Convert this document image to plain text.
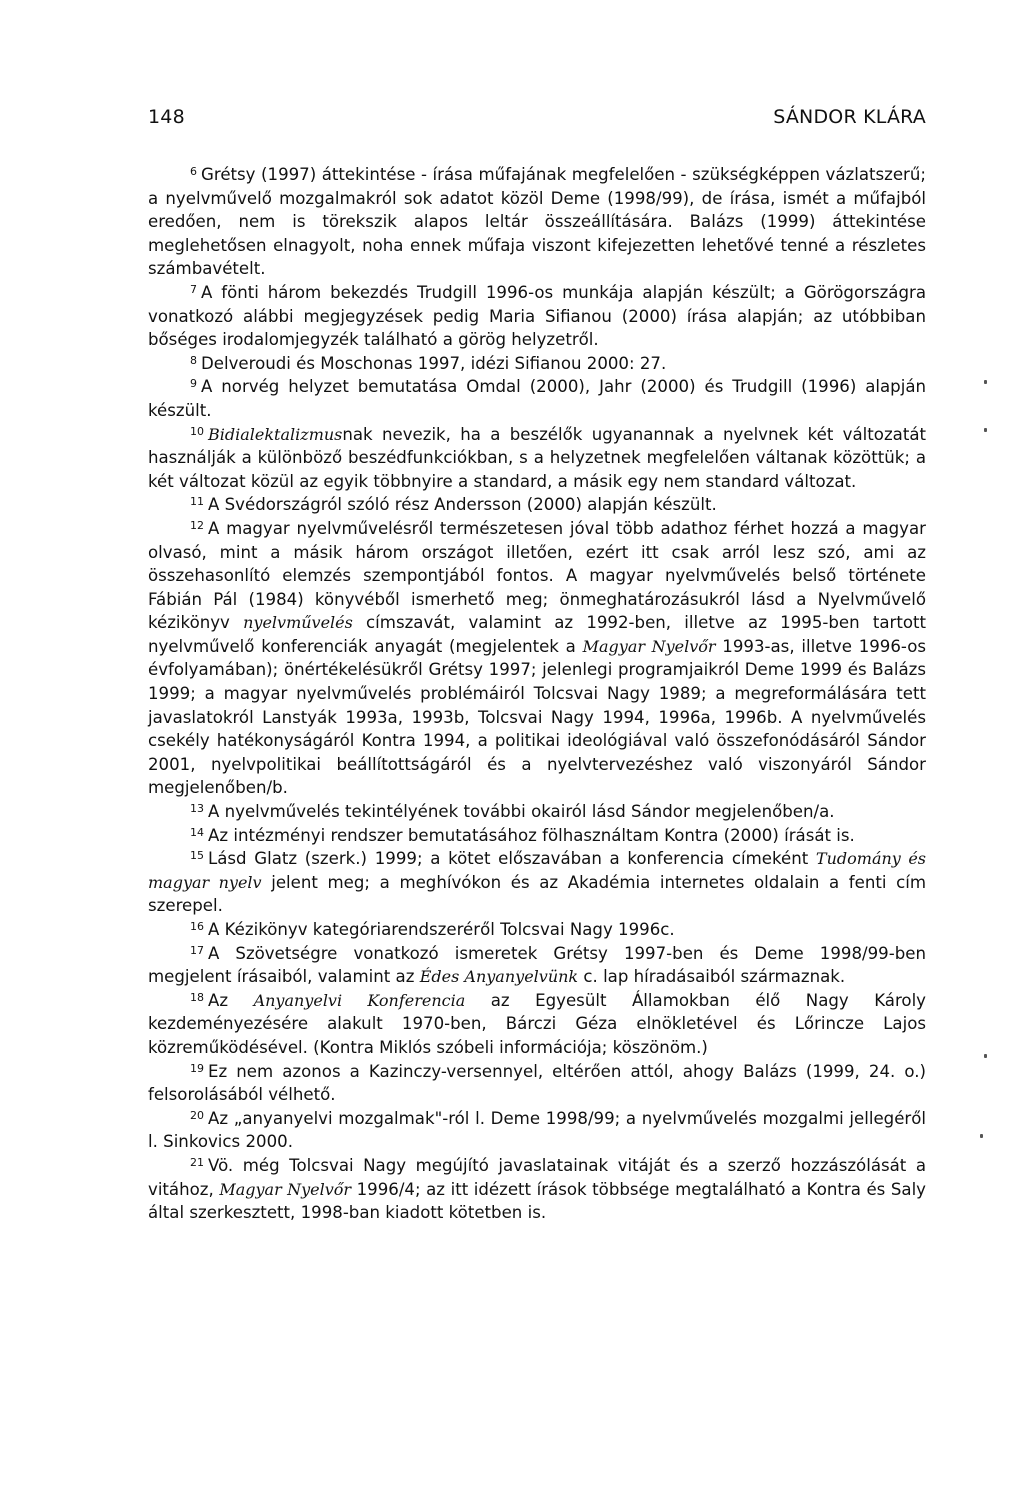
148	SÁNDOR KLÁRA

$^6$ Grétsy (1997) áttekintése - írása műfajának megfelelően - szükségképpen vázlatszerű; a nyelvművelő mozgalmakról sok adatot közöl Deme (1998/99), de írása, ismét a műfajból eredően, nem is törekszik alapos leltár összeállítására. Balázs (1999) áttekintése meglehetősen elnagyolt, noha ennek műfaja viszont kifejezetten lehetővé tenné a részletes számbavételt.

$^7$ A fönti három bekezdés Trudgill 1996-os munkája alapján készült; a Görögországra vonatkozó alábbi megjegyzések pedig Maria Sifianou (2000) írása alapján; az utóbbiban bőséges irodalomjegyzék található a görög helyzetről.

$^8$ Delveroudi és Moschonas 1997, idézi Sifianou 2000: 27.

$^9$ A norvég helyzet bemutatása Omdal (2000), Jahr (2000) és Trudgill (1996) alapján készült.

$^{10}$ Bidialektalizmusnak nevezik, ha a beszélők ugyanannak a nyelvnek két változatát használják a különböző beszédfunkciókban, s a helyzetnek megfelelően váltanak közöttük; a két változat közül az egyik többnyire a standard, a másik egy nem standard változat.

$^{11}$ A Svédországról szóló rész Andersson (2000) alapján készült.

$^{12}$ A magyar nyelvművelésről természetesen jóval több adathoz férhet hozzá a magyar olvasó, mint a másik három országot illetően, ezért itt csak arról lesz szó, ami az összehasonlító elemzés szempontjából fontos. A magyar nyelvművelés belső története Fábián Pál (1984) könyvéből ismerhető meg; önmeghatározásukról lásd a Nyelvművelő kézikönyv nyelvművelés címszavát, valamint az 1992-ben, illetve az 1995-ben tartott nyelvművelő konferenciák anyagát (megjelentek a Magyar Nyelvőr 1993-as, illetve 1996-os évfolyamában); önértékelésükről Grétsy 1997; jelenlegi programjaikról Deme 1999 és Balázs 1999; a magyar nyelvművelés problémáiról Tolcsvai Nagy 1989; a megreformálására tett javaslatokról Lanstyák 1993a, 1993b, Tolcsvai Nagy 1994, 1996a, 1996b. A nyelvművelés csekély hatékonyságáról Kontra 1994, a politikai ideológiával való összefonódásáról Sándor 2001, nyelvpolitikai beállítottságáról és a nyelvtervezéshez való viszonyáról Sándor megjelenőben/b.

$^{13}$ A nyelvművelés tekintélyének további okairól lásd Sándor megjelenőben/a.

$^{14}$ Az intézményi rendszer bemutatásához fölhasználtam Kontra (2000) írását is.

$^{15}$ Lásd Glatz (szerk.) 1999; a kötet előszavában a konferencia címeként Tudomány és magyar nyelv jelent meg; a meghívókon és az Akadémia internetes oldalain a fenti cím szerepel.

$^{16}$ A Kézikönyv kategóriarendszeréről Tolcsvai Nagy 1996c.

$^{17}$ A Szövetségre vonatkozó ismeretek Grétsy 1997-ben és Deme 1998/99-ben megjelent írásaiból, valamint az Édes Anyanyelvünk c. lap híradásaiból származnak.

$^{18}$ Az Anyanyelvi Konferencia az Egyesült Államokban élő Nagy Károly kezdeményezésére alakult 1970-ben, Bárczi Géza elnökletével és Lőrincze Lajos közreműködésével. (Kontra Miklós szóbeli információja; köszönöm.)

$^{19}$ Ez nem azonos a Kazinczy-versennyel, eltérően attól, ahogy Balázs (1999, 24. o.) felsorolásából vélhető.

$^{20}$ Az „anyanyelvi mozgalmak"-ról l. Deme 1998/99; a nyelvművelés mozgalmi jellegéről l. Sinkovics 2000.

$^{21}$ Vö. még Tolcsvai Nagy megújító javaslatainak vitáját és a szerző hozzászólását a vitához, Magyar Nyelvőr 1996/4; az itt idézett írások többsége megtalálható a Kontra és Saly által szerkesztett, 1998-ban kiadott kötetben is.
